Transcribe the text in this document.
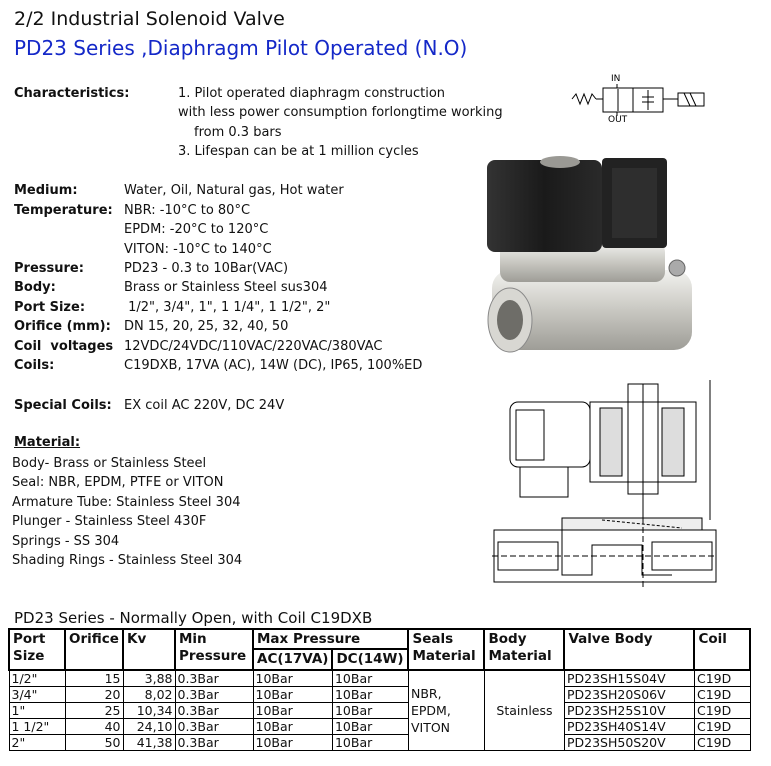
2/2 Industrial Solenoid Valve
PD23 Series ,Diaphragm Pilot Operated (N.O)
Characteristics:	1. Pilot operated diaphragm construction
with less power consumption forlongtime working
from 0.3 bars
3. Lifespan can be at 1 million cycles
IN
OUT
Medium:	Water, Oil, Natural gas, Hot water
Temperature: NBR: -10°C to 80°C
EPDM: -20°C to 120°C
VITON: -10°C to 140°C
Pressure:	PD23 - 0.3 to 10Bar(VAC)
Body:	Brass or Stainless Steel sus304
Port Size:	1/2", 3/4", 1", 1 1/4", 1 1/2", 2"
Orifice (mm): DN 15, 20, 25, 32, 40, 50
Coil  voltages 12VDC/24VDC/110VAC/220VAC/380VAC
Coils:	C19DXB, 17VA (AC), 14W (DC), IP65, 100%ED
Special Coils: EX coil AC 220V, DC 24V
Material:
Body- Brass or Stainless Steel
Seal: NBR, EPDM, PTFE or VITON
Armature Tube: Stainless Steel 304
Plunger - Stainless Steel 430F
Springs - SS 304
Shading Rings - Stainless Steel 304
PD23 Series - Normally Open, with Coil C19DXB
Port Size	Orifice	Kv	Min Pressure	Max Pressure		Seals Material	Body Material	Valve Body	Coil
				AC(17VA)	DC(14W)				
1/2"	15	3,88	0.3Bar	10Bar	10Bar	NBR,
EPDM,
VITON	Stainless	PD23SH15S04V	C19D
3/4"	20	8,02	0.3Bar	10Bar	10Bar			PD23SH20S06V	C19D
1"	25	10,34	0.3Bar	10Bar	10Bar			PD23SH25S10V	C19D
1 1/2"	40	24,10	0.3Bar	10Bar	10Bar			PD23SH40S14V	C19D
2"	50	41,38	0.3Bar	10Bar	10Bar			PD23SH50S20V	C19D
